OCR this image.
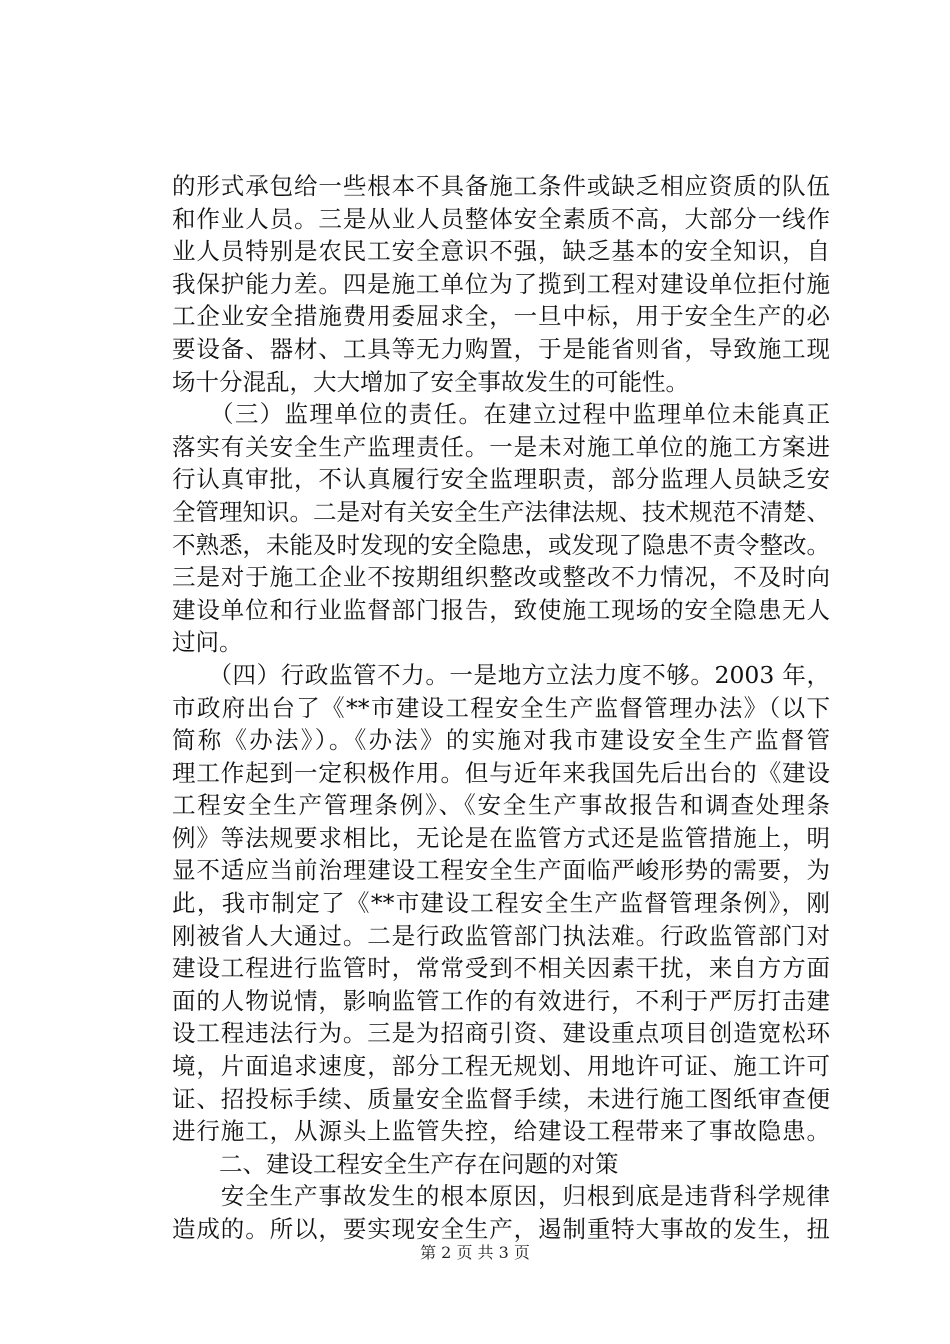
的形式承包给一些根本不具备施工条件或缺乏相应资质的队伍
和作业人员。三是从业人员整体安全素质不高，大部分一线作
业人员特别是农民工安全意识不强，缺乏基本的安全知识，自
我保护能力差。四是施工单位为了揽到工程对建设单位拒付施
工企业安全措施费用委屈求全，一旦中标，用于安全生产的必
要设备、器材、工具等无力购置，于是能省则省，导致施工现
场十分混乱，大大增加了安全事故发生的可能性。
　　（三）监理单位的责任。在建立过程中监理单位未能真正
落实有关安全生产监理责任。一是未对施工单位的施工方案进
行认真审批，不认真履行安全监理职责，部分监理人员缺乏安
全管理知识。二是对有关安全生产法律法规、技术规范不清楚、
不熟悉，未能及时发现的安全隐患，或发现了隐患不责令整改。
三是对于施工企业不按期组织整改或整改不力情况，不及时向
建设单位和行业监督部门报告，致使施工现场的安全隐患无人
过问。
　　（四）行政监管不力。一是地方立法力度不够。2003 年，
市政府出台了《**市建设工程安全生产监督管理办法》（以下
简称《办法》）。《办法》的实施对我市建设安全生产监督管
理工作起到一定积极作用。但与近年来我国先后出台的《建设
工程安全生产管理条例》、《安全生产事故报告和调查处理条
例》等法规要求相比，无论是在监管方式还是监管措施上，明
显不适应当前治理建设工程安全生产面临严峻形势的需要，为
此，我市制定了《**市建设工程安全生产监督管理条例》，刚
刚被省人大通过。二是行政监管部门执法难。行政监管部门对
建设工程进行监管时，常常受到不相关因素干扰，来自方方面
面的人物说情，影响监管工作的有效进行，不利于严厉打击建
设工程违法行为。三是为招商引资、建设重点项目创造宽松环
境，片面追求速度，部分工程无规划、用地许可证、施工许可
证、招投标手续、质量安全监督手续，未进行施工图纸审查便
进行施工，从源头上监管失控，给建设工程带来了事故隐患。
　　二、建设工程安全生产存在问题的对策
　　安全生产事故发生的根本原因，归根到底是违背科学规律
造成的。所以，要实现安全生产，遏制重特大事故的发生，扭
第 2 页 共 3 页
